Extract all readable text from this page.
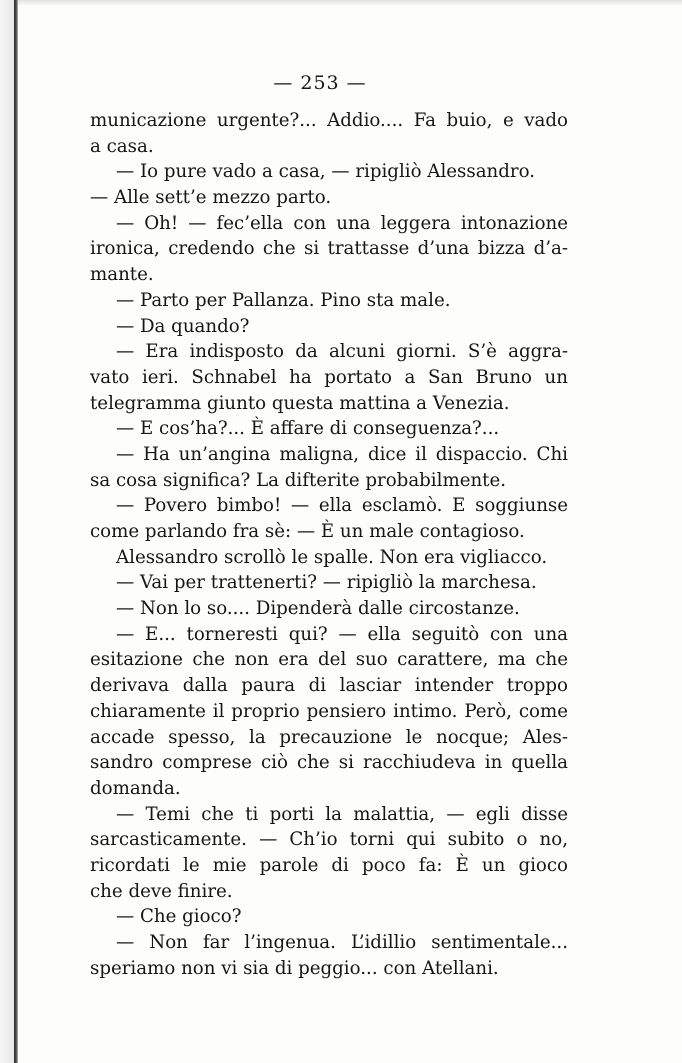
— 253 —
municazione urgente?... Addio.... Fa buio, e vado
a casa.
— Io pure vado a casa, — ripigliò Alessandro.
— Alle sett’e mezzo parto.
— Oh! — fec’ella con una leggera intonazione
ironica, credendo che si trattasse d’una bizza d’a-
mante.
— Parto per Pallanza. Pino sta male.
— Da quando?
— Era indisposto da alcuni giorni. S’è aggra-
vato ieri. Schnabel ha portato a San Bruno un
telegramma giunto questa mattina a Venezia.
— E cos’ha?... È affare di conseguenza?...
— Ha un’angina maligna, dice il dispaccio. Chi
sa cosa significa? La difterite probabilmente.
— Povero bimbo! — ella esclamò. E soggiunse
come parlando fra sè: — È un male contagioso.
Alessandro scrollò le spalle. Non era vigliacco.
— Vai per trattenerti? — ripigliò la marchesa.
— Non lo so.... Dipenderà dalle circostanze.
— E... torneresti qui? — ella seguitò con una
esitazione che non era del suo carattere, ma che
derivava dalla paura di lasciar intender troppo
chiaramente il proprio pensiero intimo. Però, come
accade spesso, la precauzione le nocque; Ales-
sandro comprese ciò che si racchiudeva in quella
domanda.
— Temi che ti porti la malattia, — egli disse
sarcasticamente. — Ch’io torni qui subito o no,
ricordati le mie parole di poco fa: È un gioco
che deve finire.
— Che gioco?
— Non far l’ingenua. L’idillio sentimentale...
speriamo non vi sia di peggio... con Atellani.
